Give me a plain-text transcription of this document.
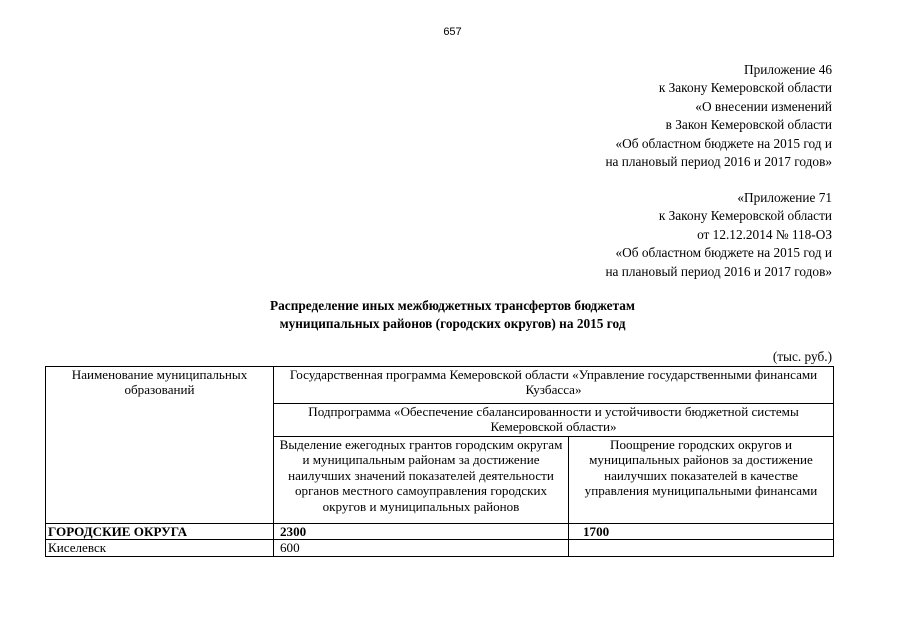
657
Приложение 46
к Закону Кемеровской области
«О внесении изменений
в Закон Кемеровской области
«Об областном бюджете на 2015 год и
на плановый период 2016 и 2017 годов»
«Приложение 71
к Закону Кемеровской области
от 12.12.2014 № 118-ОЗ
«Об областном бюджете на 2015 год и
на плановый период 2016 и 2017 годов»
Распределение иных межбюджетных трансфертов бюджетам
муниципальных районов (городских округов) на 2015 год
(тыс. руб.)
Наименование муниципальных образований	Государственная программа Кемеровской области «Управление государственными финансами Кузбасса»	
	Подпрограмма «Обеспечение сбалансированности и устойчивости бюджетной системы Кемеровской области»	
	Выделение ежегодных грантов городским округам и муниципальным районам за достижение наилучших значений показателей деятельности органов местного самоуправления городских округов и муниципальных районов	Поощрение городских округов и муниципальных районов за достижение наилучших показателей в качестве управления муниципальными финансами
ГОРОДСКИЕ ОКРУГА	2300	1700
Киселевск	600	
